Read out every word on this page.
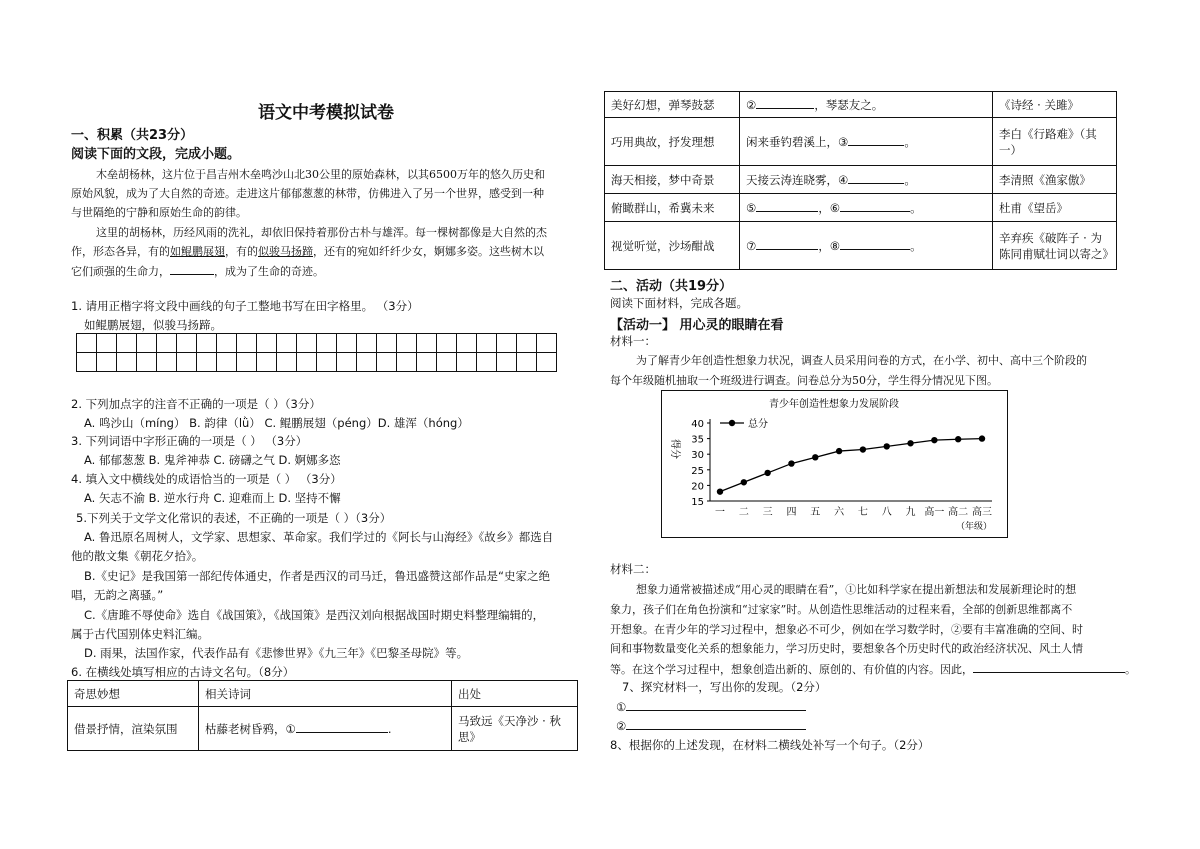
语文中考模拟试卷
一、积累（共23分）
阅读下面的文段，完成小题。
木垒胡杨林，这片位于昌吉州木垒鸣沙山北30公里的原始森林，以其6500万年的悠久历史和
原始风貌，成为了大自然的奇迹。走进这片郁郁葱葱的林带，仿佛进入了另一个世界，感受到一种
与世隔绝的宁静和原始生命的韵律。
这里的胡杨林，历经风雨的洗礼，却依旧保持着那份古朴与雄浑。每一棵树都像是大自然的杰
作，形态各异，有的如鲲鹏展翅，有的似骏马扬蹄，还有的宛如纤纤少女，婀娜多姿。这些树木以
它们顽强的生命力，	，成为了生命的奇迹。
1. 请用正楷字将文段中画线的句子工整地书写在田字格里。 （3分）
如鲲鹏展翅，似骏马扬蹄。

2. 下列加点字的注音不正确的一项是（ ）（3分）
A. 鸣沙山（míng） B. 韵律（lǜ） C. 鲲鹏展翅（péng）D. 雄浑（hóng）
3. 下列词语中字形正确的一项是（ ） （3分）
A. 郁郁葱葱 B. 鬼斧神恭 C. 磅礴之气 D. 婀娜多恣
4. 填入文中横线处的成语恰当的一项是（ ） （3分）
A. 矢志不渝 B. 逆水行舟 C. 迎难而上 D. 坚持不懈
5.下列关于文学文化常识的表述，不正确的一项是（ ）（3分）
A. 鲁迅原名周树人，文学家、思想家、革命家。我们学过的《阿长与山海经》《故乡》都选自
他的散文集《朝花夕拾》。
B.《史记》是我国第一部纪传体通史，作者是西汉的司马迁，鲁迅盛赞这部作品是“史家之绝
唱，无韵之离骚。”
C.《唐雎不辱使命》选自《战国策》，《战国策》是西汉刘向根据战国时期史料整理编辑的，
属于古代国别体史料汇编。
D. 雨果，法国作家，代表作品有《悲惨世界》《九三年》《巴黎圣母院》等。
6. 在横线处填写相应的古诗文名句。（8分）
奇思妙想	相关诗词	出处
借景抒情，渲染氛围	枯藤老树昏鸦，① .	马致远《天净沙 · 秋思》
美好幻想，弹琴鼓瑟	② ，琴瑟友之。	《诗经 · 关雎》
巧用典故，抒发理想	闲来垂钓碧溪上，③ 。	李白《行路难》（其一）
海天相接，梦中奇景	天接云涛连晓雾，④ 。	李清照《渔家傲》
俯瞰群山，希冀未来	⑤ ，⑥ 。	杜甫《望岳》
视觉听觉，沙场酣战	⑦ ，⑧ 。	辛弃疾《破阵子 · 为陈同甫赋壮词以寄之》
二、活动（共19分）
阅读下面材料，完成各题。
【活动一】 用心灵的眼睛在看
材料一：
为了解青少年创造性想象力状况，调查人员采用问卷的方式，在小学、初中、高中三个阶段的
每个年级随机抽取一个班级进行调查。问卷总分为50分，学生得分情况见下图。
青少年创造性想象力发展阶段
15
20
25
30
35
40
一 二 三 四 五 六 七 八 九 高一 高二 高三
得分
（年级）
总分
材料二：
想象力通常被描述成“用心灵的眼睛在看”，①比如科学家在提出新想法和发展新理论时的想
象力，孩子们在角色扮演和“过家家”时。从创造性思维活动的过程来看，全部的创新思维都离不
开想象。在青少年的学习过程中，想象必不可少，例如在学习数学时，②要有丰富准确的空间、时
间和事物数量变化关系的想象能力，学习历史时，要想象各个历史时代的政治经济状况、风土人情
等。在这个学习过程中，想象创造出新的、原创的、有价值的内容。因此，	。
7、探究材料一，写出你的发现。（2分）
①
②
8、根据你的上述发现，在材料二横线处补写一个句子。（2分）
